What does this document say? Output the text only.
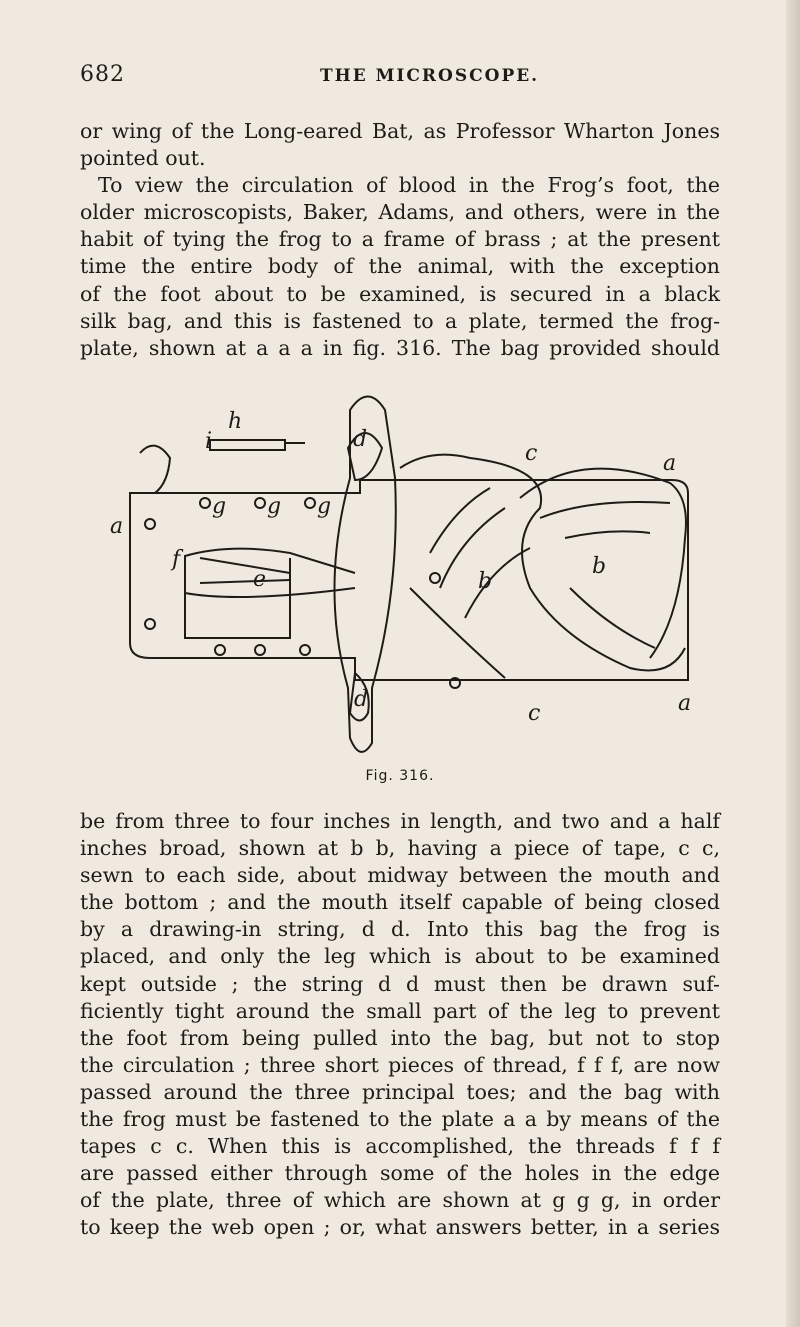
682	THE MICROSCOPE.
or wing of the Long-eared Bat, as Professor Wharton Jones
pointed out.
To view the circulation of blood in the Frog’s foot, the
older microscopists, Baker, Adams, and others, were in the
habit of tying the frog to a frame of brass ; at the present
time the entire body of the animal, with the exception
of the foot about to be examined, is secured in a black
silk bag, and this is fastened to a plate, termed the frog-
plate, shown at a a a in fig. 316. The bag provided should
h
i
a
a
a
c
c
d
d
b
b
f
g g g
e
Fig. 316.
be from three to four inches in length, and two and a half
inches broad, shown at b b, having a piece of tape, c c,
sewn to each side, about midway between the mouth and
the bottom ; and the mouth itself capable of being closed
by a drawing-in string, d d. Into this bag the frog is
placed, and only the leg which is about to be examined
kept outside ; the string d d must then be drawn suf-
ficiently tight around the small part of the leg to prevent
the foot from being pulled into the bag, but not to stop
the circulation ; three short pieces of thread, f f f, are now
passed around the three principal toes; and the bag with
the frog must be fastened to the plate a a by means of the
tapes c c. When this is accomplished, the threads f f f
are passed either through some of the holes in the edge
of the plate, three of which are shown at g g g, in order
to keep the web open ; or, what answers better, in a series
